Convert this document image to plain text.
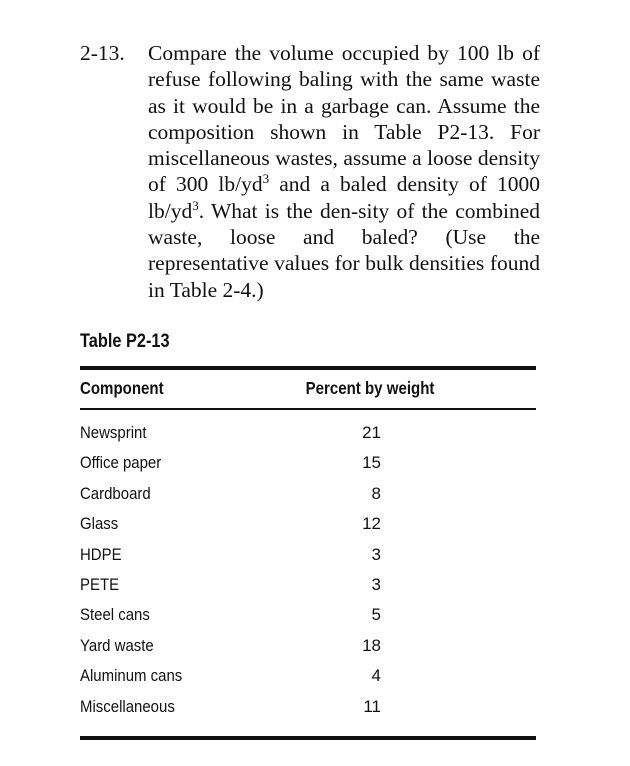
2-13. Compare the volume occupied by 100 lb of refuse following baling with the same waste as it would be in a garbage can. Assume the composition shown in Table P2-13. For miscellaneous wastes, assume a loose density of 300 $lb/yd^3$ and a baled density of 1000 $lb/yd^3$. What is the den-sity of the combined waste, loose and baled? (Use the representative values for bulk densities found in Table 2-4.)
Table P2-13
Component	Percent by weight
Newsprint	21
Office paper	15
Cardboard	8
Glass	12
HDPE	3
PETE	3
Steel cans	5
Yard waste	18
Aluminum cans	4
Miscellaneous	11
